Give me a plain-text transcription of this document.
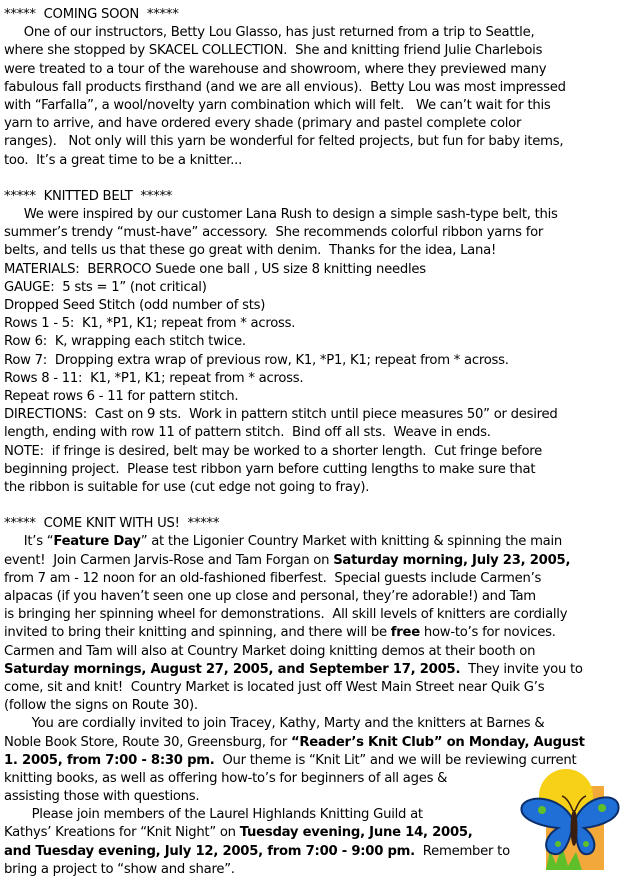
*****  COMING SOON  *****
One of our instructors, Betty Lou Glasso, has just returned from a trip to Seattle,
where she stopped by SKACEL COLLECTION.  She and knitting friend Julie Charlebois
were treated to a tour of the warehouse and showroom, where they previewed many
fabulous fall products firsthand (and we are all envious).  Betty Lou was most impressed
with “Farfalla”, a wool/novelty yarn combination which will felt.   We can’t wait for this
yarn to arrive, and have ordered every shade (primary and pastel complete color
ranges).   Not only will this yarn be wonderful for felted projects, but fun for baby items,
too.  It’s a great time to be a knitter...
*****  KNITTED BELT  *****
We were inspired by our customer Lana Rush to design a simple sash-type belt, this
summer’s trendy “must-have” accessory.  She recommends colorful ribbon yarns for
belts, and tells us that these go great with denim.  Thanks for the idea, Lana!
MATERIALS:  BERROCO Suede one ball , US size 8 knitting needles
GAUGE:  5 sts = 1” (not critical)
Dropped Seed Stitch (odd number of sts)
Rows 1 - 5:  K1, *P1, K1; repeat from * across.
Row 6:  K, wrapping each stitch twice.
Row 7:  Dropping extra wrap of previous row, K1, *P1, K1; repeat from * across.
Rows 8 - 11:  K1, *P1, K1; repeat from * across.
Repeat rows 6 - 11 for pattern stitch.
DIRECTIONS:  Cast on 9 sts.  Work in pattern stitch until piece measures 50” or desired
length, ending with row 11 of pattern stitch.  Bind off all sts.  Weave in ends.
NOTE:  if fringe is desired, belt may be worked to a shorter length.  Cut fringe before
beginning project.  Please test ribbon yarn before cutting lengths to make sure that
the ribbon is suitable for use (cut edge not going to fray).
*****  COME KNIT WITH US!  *****
It’s “Feature Day” at the Ligonier Country Market with knitting & spinning the main
event!  Join Carmen Jarvis-Rose and Tam Forgan on Saturday morning, July 23, 2005,
from 7 am - 12 noon for an old-fashioned fiberfest.  Special guests include Carmen’s
alpacas (if you haven’t seen one up close and personal, they’re adorable!) and Tam
is bringing her spinning wheel for demonstrations.  All skill levels of knitters are cordially
invited to bring their knitting and spinning, and there will be free how-to’s for novices.
Carmen and Tam will also at Country Market doing knitting demos at their booth on
Saturday mornings, August 27, 2005, and September 17, 2005.  They invite you to
come, sit and knit!  Country Market is located just off West Main Street near Quik G’s
(follow the signs on Route 30).
You are cordially invited to join Tracey, Kathy, Marty and the knitters at Barnes &
Noble Book Store, Route 30, Greensburg, for “Reader’s Knit Club” on Monday, August
1. 2005, from 7:00 - 8:30 pm.  Our theme is “Knit Lit” and we will be reviewing current
knitting books, as well as offering how-to’s for beginners of all ages &
assisting those with questions.
Please join members of the Laurel Highlands Knitting Guild at
Kathys’ Kreations for “Knit Night” on Tuesday evening, June 14, 2005,
and Tuesday evening, July 12, 2005, from 7:00 - 9:00 pm.  Remember to
bring a project to “show and share”.
